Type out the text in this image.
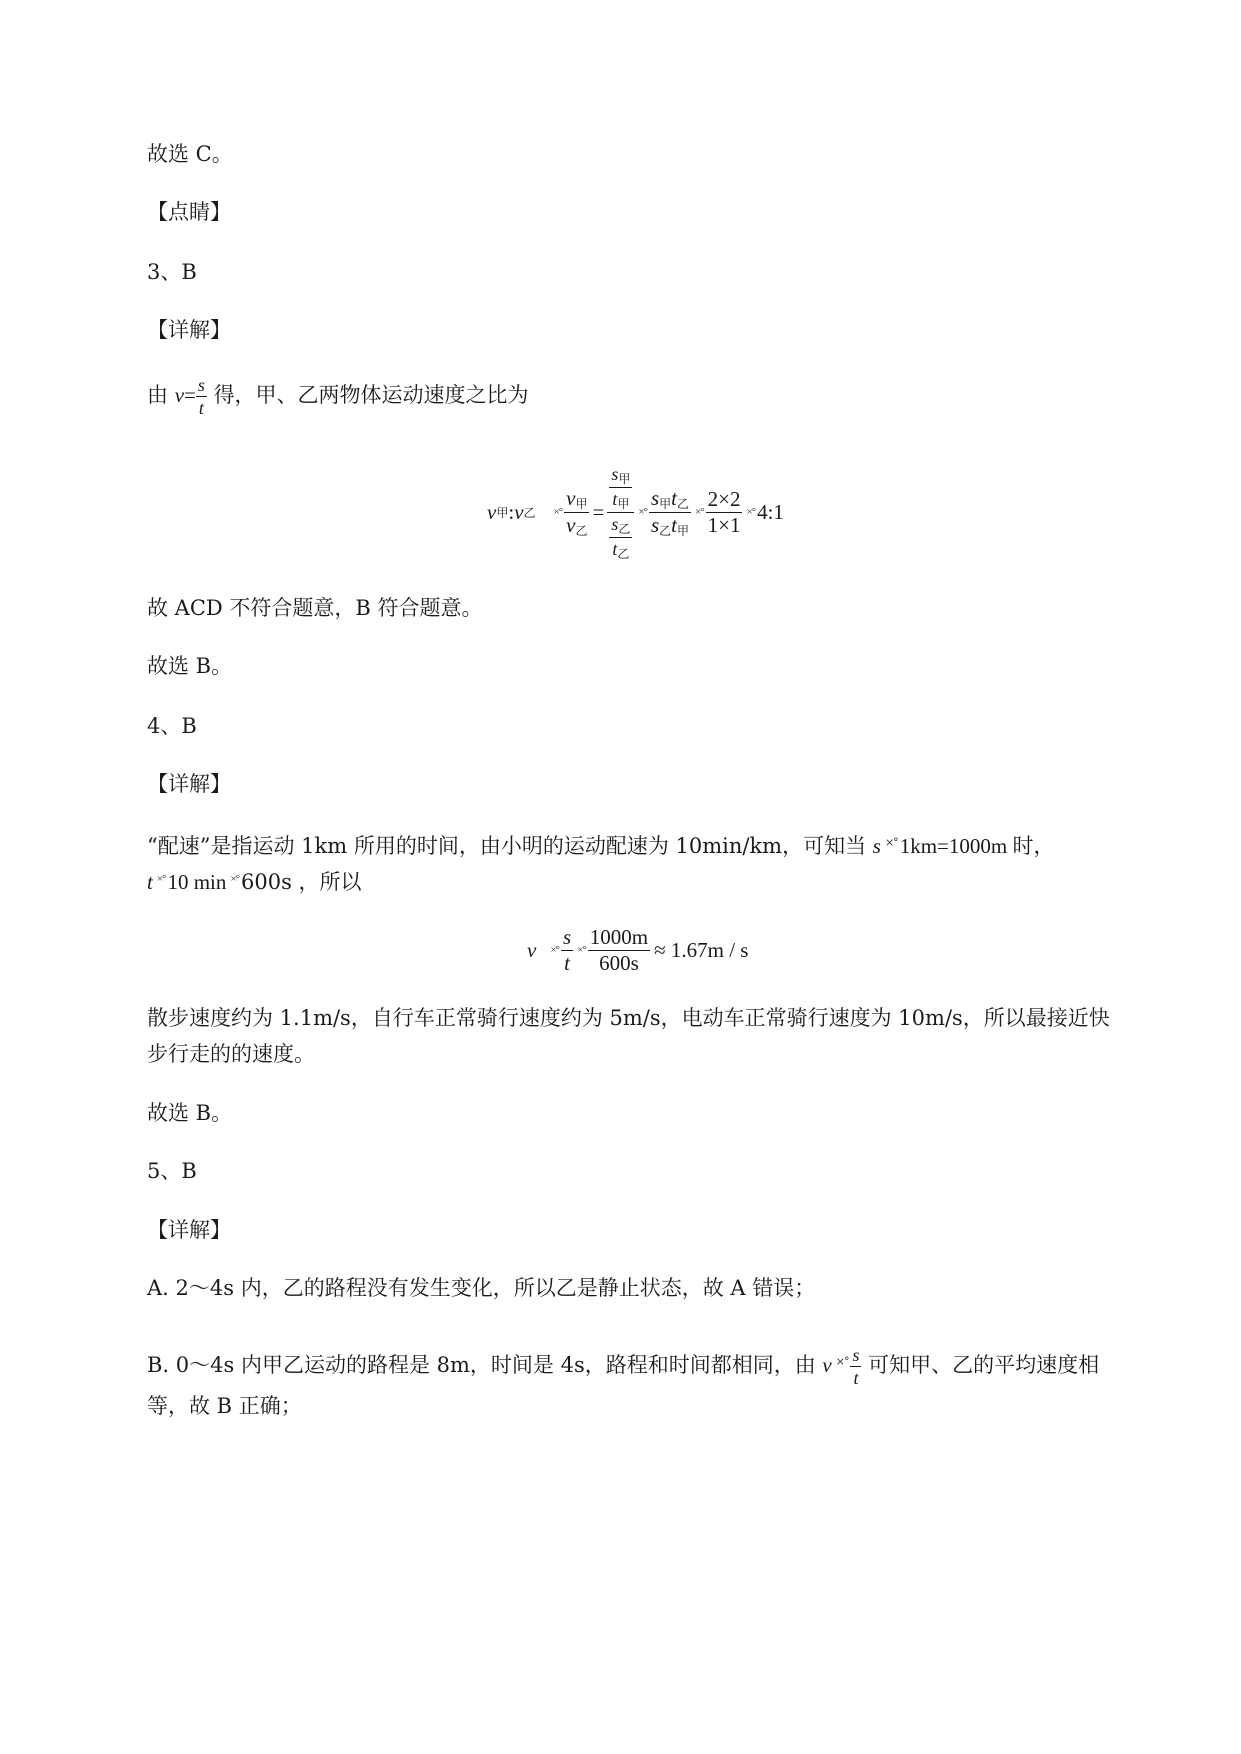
故选 C。
【点睛】
3、B
【详解】
由 $v= \frac{s}{t}$ 得，甲、乙两物体运动速度之比为
v 甲 : v 乙 ×° $\frac{v_甲}{v_乙} = \frac{\frac{s_甲}{t_甲}}{\frac{s_乙}{t_乙}}$ ×° $\frac{s_甲t_乙}{s_乙t_甲}$ ×° $\frac{2\times 2}{1\times 1}$ ×° 4:1
故 ACD 不符合题意，B 符合题意。
故选 B。
4、B
【详解】
“配速”是指运动 1km 所用的时间，由小明的运动配速为 10min/km，可知当 s ×°1km=1000m 时，
t ×°10 min ×°600s ，所以
v ×° $\frac{s}{t}$ ×° $\frac{1000m}{600s} \approx 1.67m / s$
散步速度约为 1.1m/s，自行车正常骑行速度约为 5m/s，电动车正常骑行速度为 10m/s，所以最接近快
步行走的的速度。
故选 B。
5、B
【详解】
A. 2～4s 内，乙的路程没有发生变化，所以乙是静止状态，故 A 错误；
B. 0～4s 内甲乙运动的路程是 8m，时间是 4s，路程和时间都相同，由 v $^{\times^\circ} \frac{s}{t}$ 可知甲、乙的平均速度相
等，故 B 正确；
